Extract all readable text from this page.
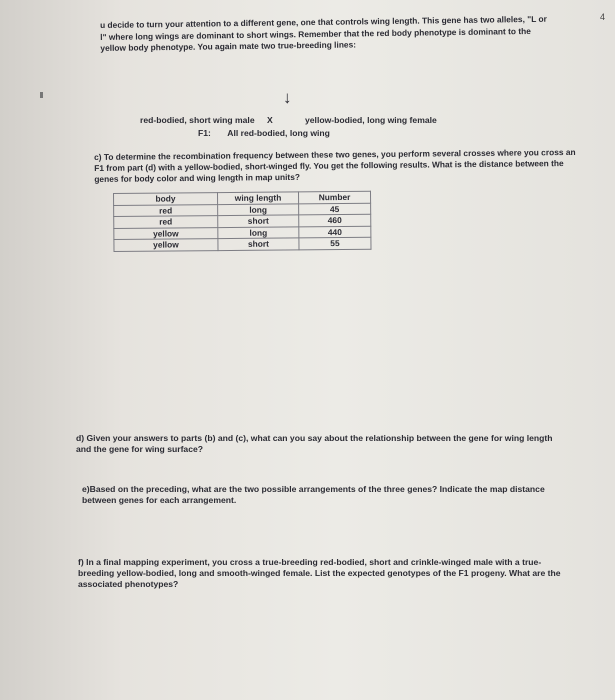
4
u decide to turn your attention to a different gene, one that controls wing length. This gene has two alleles, "L or l" where long wings are dominant to short wings. Remember that the red body phenotype is dominant to the yellow body phenotype. You again mate two true-breeding lines:
↓
red-bodied, short wing male X	yellow-bodied, long wing female
F1: All red-bodied, long wing
c) To determine the recombination frequency between these two genes, you perform several crosses where you cross an F1 from part (d) with a yellow-bodied, short-winged fly. You get the following results. What is the distance between the genes for body color and wing length in map units?
body	wing length	Number
red	long	45
red	short	460
yellow	long	440
yellow	short	55
d) Given your answers to parts (b) and (c), what can you say about the relationship between the gene for wing length and the gene for wing surface?
e)Based on the preceding, what are the two possible arrangements of the three genes? Indicate the map distance between genes for each arrangement.
f) In a final mapping experiment, you cross a true-breeding red-bodied, short and crinkle-winged male with a true- breeding yellow-bodied, long and smooth-winged female. List the expected genotypes of the F1 progeny. What are the associated phenotypes?
